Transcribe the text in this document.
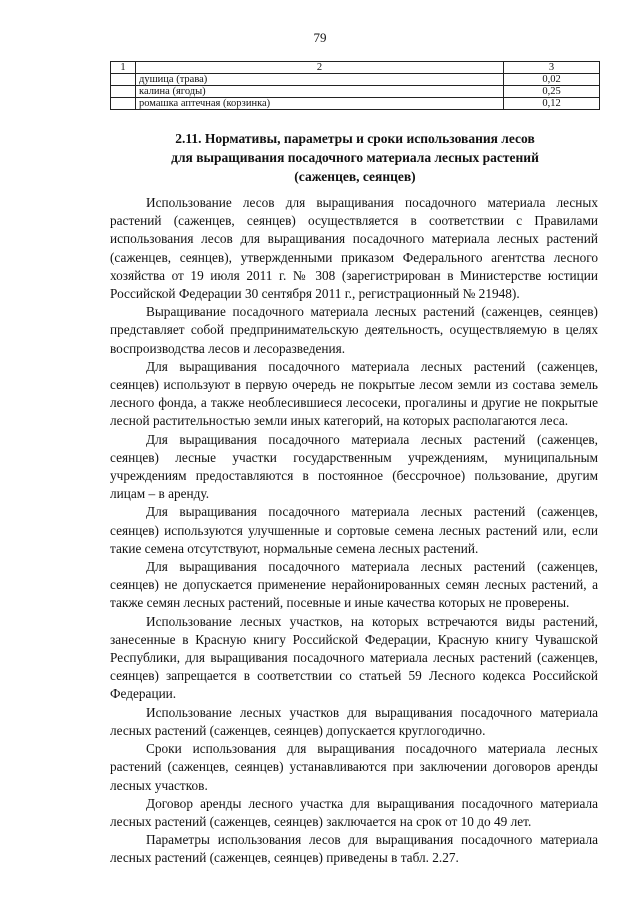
79
1	2	3
	душица (трава)	0,02
	калина (ягоды)	0,25
	ромашка аптечная (корзинка)	0,12
2.11. Нормативы, параметры и сроки использования лесов
для выращивания посадочного материала лесных растений
(саженцев, сеянцев)

Использование лесов для выращивания посадочного материала лесных растений (саженцев, сеянцев) осуществляется в соответствии с Правилами использования лесов для выращивания посадочного материала лесных растений (саженцев, сеянцев), утвержденными приказом Федерального агентства лесного хозяйства от 19 июля 2011 г. № 308 (зарегистрирован в Министерстве юстиции Российской Федерации 30 сентября 2011 г., регистрационный № 21948).

Выращивание посадочного материала лесных растений (саженцев, сеянцев) представляет собой предпринимательскую деятельность, осуществляемую в целях воспроизводства лесов и лесоразведения.

Для выращивания посадочного материала лесных растений (саженцев, сеянцев) используют в первую очередь не покрытые лесом земли из состава земель лесного фонда, а также необлесившиеся лесосеки, прогалины и другие не покрытые лесной растительностью земли иных категорий, на которых располагаются леса.

Для выращивания посадочного материала лесных растений (саженцев, сеянцев) лесные участки государственным учреждениям, муниципальным учреждениям предоставляются в постоянное (бессрочное) пользование, другим лицам – в аренду.

Для выращивания посадочного материала лесных растений (саженцев, сеянцев) используются улучшенные и сортовые семена лесных растений или, если такие семена отсутствуют, нормальные семена лесных растений.

Для выращивания посадочного материала лесных растений (саженцев, сеянцев) не допускается применение нерайонированных семян лесных растений, а также семян лесных растений, посевные и иные качества которых не проверены.

Использование лесных участков, на которых встречаются виды растений, занесенные в Красную книгу Российской Федерации, Красную книгу Чувашской Республики, для выращивания посадочного материала лесных растений (саженцев, сеянцев) запрещается в соответствии со статьей 59 Лесного кодекса Российской Федерации.

Использование лесных участков для выращивания посадочного материала лесных растений (саженцев, сеянцев) допускается круглогодично.

Сроки использования для выращивания посадочного материала лесных растений (саженцев, сеянцев) устанавливаются при заключении договоров аренды лесных участков.

Договор аренды лесного участка для выращивания посадочного материала лесных растений (саженцев, сеянцев) заключается на срок от 10 до 49 лет.

Параметры использования лесов для выращивания посадочного материала лесных растений (саженцев, сеянцев) приведены в табл. 2.27.
